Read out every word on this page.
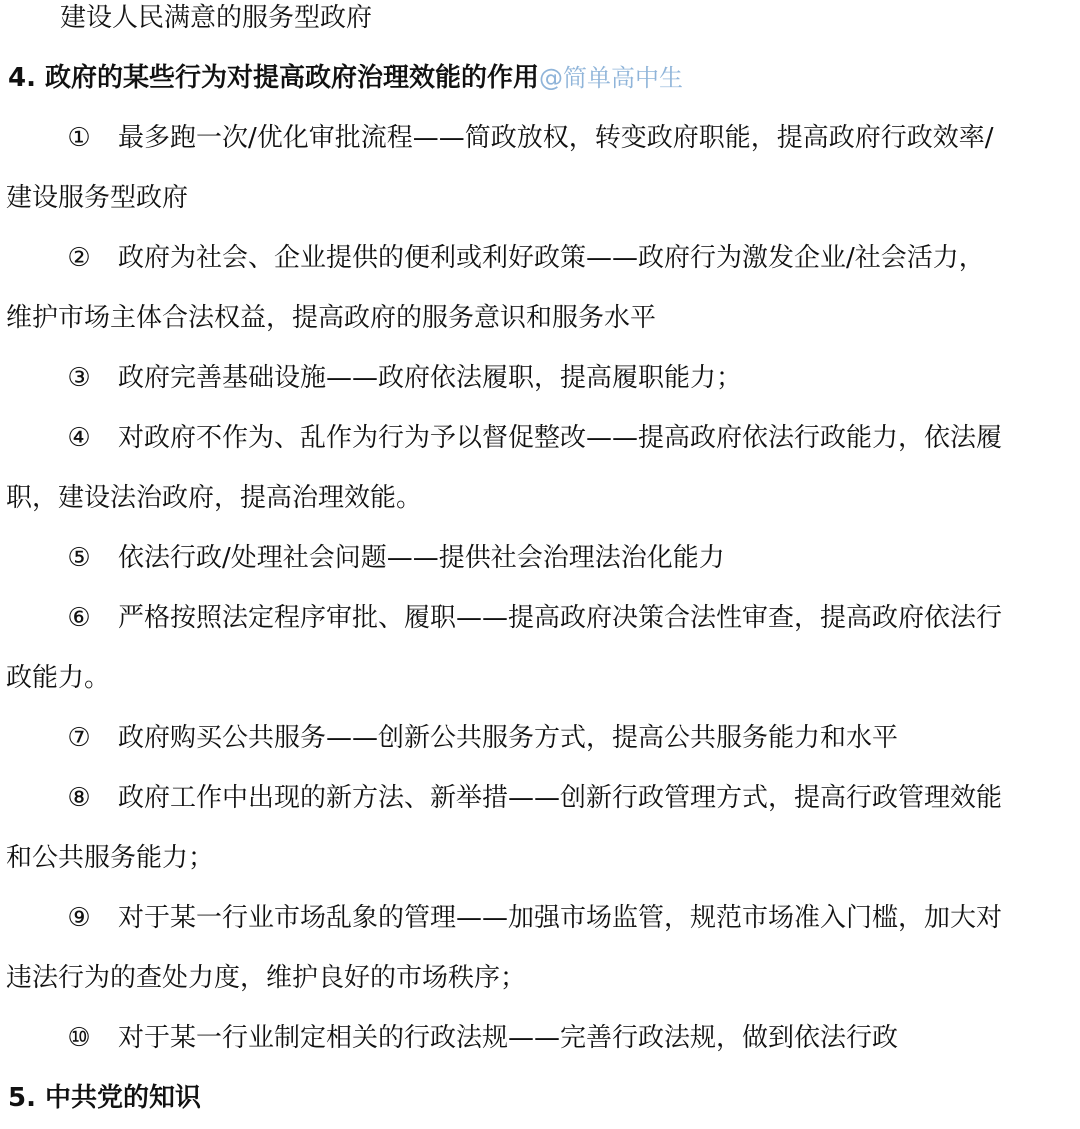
建设人民满意的服务型政府
4. 政府的某些行为对提高政府治理效能的作用@简单高中生
① 最多跑一次/优化审批流程——简政放权，转变政府职能，提高政府行政效率/
建设服务型政府
② 政府为社会、企业提供的便利或利好政策——政府行为激发企业/社会活力，
维护市场主体合法权益，提高政府的服务意识和服务水平
③ 政府完善基础设施——政府依法履职，提高履职能力；
④ 对政府不作为、乱作为行为予以督促整改——提高政府依法行政能力，依法履
职，建设法治政府，提高治理效能。
⑤ 依法行政/处理社会问题——提供社会治理法治化能力
⑥ 严格按照法定程序审批、履职——提高政府决策合法性审查，提高政府依法行
政能力。
⑦ 政府购买公共服务——创新公共服务方式，提高公共服务能力和水平
⑧ 政府工作中出现的新方法、新举措——创新行政管理方式，提高行政管理效能
和公共服务能力；
⑨ 对于某一行业市场乱象的管理——加强市场监管，规范市场准入门槛，加大对
违法行为的查处力度，维护良好的市场秩序；
⑩ 对于某一行业制定相关的行政法规——完善行政法规，做到依法行政
5. 中共党的知识
